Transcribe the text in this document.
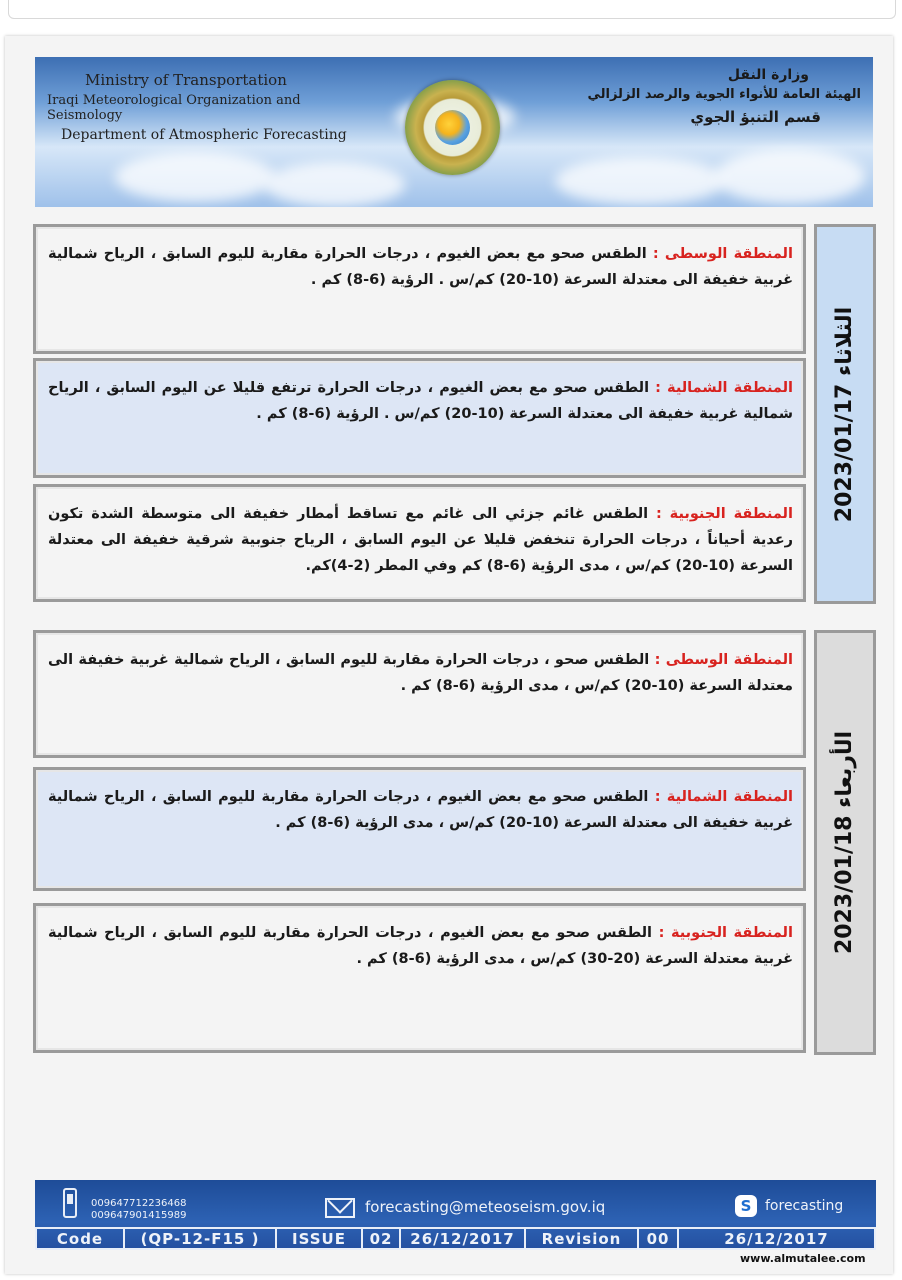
Ministry of Transportation
Iraqi Meteorological Organization and Seismology
Department of Atmospheric Forecasting
وزارة النقل
الهيئة العامة للأنواء الجوية والرصد الزلزالي
قسم التنبؤ الجوي
المنطقة الوسطى : الطقس صحو مع بعض الغيوم ، درجات الحرارة مقاربة لليوم السابق ، الرياح شمالية غربية خفيفة الى معتدلة السرعة (10-20) كم/س . الرؤية (6-8) كم .
المنطقة الشمالية : الطقس صحو مع بعض الغيوم ، درجات الحرارة ترتفع قليلا عن اليوم السابق ، الرياح شمالية غربية خفيفة الى معتدلة السرعة (10-20) كم/س . الرؤية (6-8) كم .
المنطقة الجنوبية : الطقس غائم جزئي الى غائم مع تساقط أمطار خفيفة الى متوسطة الشدة تكون رعدية أحياناً ، درجات الحرارة تنخفض قليلا عن اليوم السابق ، الرياح جنوبية شرقية خفيفة الى معتدلة السرعة (10-20) كم/س ، مدى الرؤية (6-8) كم وفي المطر (2-4)كم.
الثلاثاء 2023/01/17
المنطقة الوسطى : الطقس صحو ، درجات الحرارة مقاربة لليوم السابق ، الرياح شمالية غربية خفيفة الى معتدلة السرعة (10-20) كم/س ، مدى الرؤية (6-8) كم .
المنطقة الشمالية : الطقس صحو مع بعض الغيوم ، درجات الحرارة مقاربة لليوم السابق ، الرياح شمالية غربية خفيفة الى معتدلة السرعة (10-20) كم/س ، مدى الرؤية (6-8) كم .
المنطقة الجنوبية : الطقس صحو مع بعض الغيوم ، درجات الحرارة مقاربة لليوم السابق ، الرياح شمالية غربية معتدلة السرعة (20-30) كم/س ، مدى الرؤية (6-8) كم .
الأربعاء 2023/01/18
009647712236468
009647901415989	forecasting@meteoseism.gov.iq	S forecasting
Code	(QP-12-F15 )	ISSUE	02	26/12/2017	Revision	00	26/12/2017
www.almutalee.com
